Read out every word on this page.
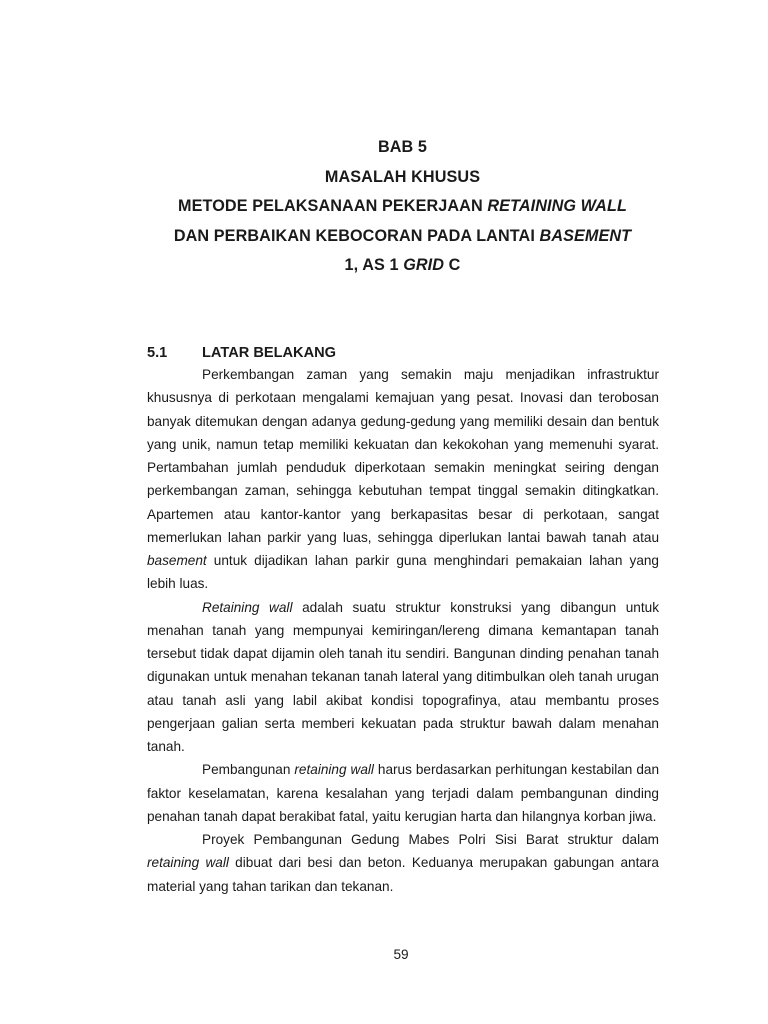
BAB 5
MASALAH KHUSUS
METODE PELAKSANAAN PEKERJAAN RETAINING WALL
DAN PERBAIKAN KEBOCORAN PADA LANTAI BASEMENT
1, AS 1 GRID C
5.1 LATAR BELAKANG

Perkembangan zaman yang semakin maju menjadikan infrastruktur khususnya di perkotaan mengalami kemajuan yang pesat. Inovasi dan terobosan banyak ditemukan dengan adanya gedung-gedung yang memiliki desain dan bentuk yang unik, namun tetap memiliki kekuatan dan kekokohan yang memenuhi syarat. Pertambahan jumlah penduduk diperkotaan semakin meningkat seiring dengan perkembangan zaman, sehingga kebutuhan tempat tinggal semakin ditingkatkan. Apartemen atau kantor-kantor yang berkapasitas besar di perkotaan, sangat memerlukan lahan parkir yang luas, sehingga diperlukan lantai bawah tanah atau basement untuk dijadikan lahan parkir guna menghindari pemakaian lahan yang lebih luas.

Retaining wall adalah suatu struktur konstruksi yang dibangun untuk menahan tanah yang mempunyai kemiringan/lereng dimana kemantapan tanah tersebut tidak dapat dijamin oleh tanah itu sendiri. Bangunan dinding penahan tanah digunakan untuk menahan tekanan tanah lateral yang ditimbulkan oleh tanah urugan atau tanah asli yang labil akibat kondisi topografinya, atau membantu proses pengerjaan galian serta memberi kekuatan pada struktur bawah dalam menahan tanah.

Pembangunan retaining wall harus berdasarkan perhitungan kestabilan dan faktor keselamatan, karena kesalahan yang terjadi dalam pembangunan dinding penahan tanah dapat berakibat fatal, yaitu kerugian harta dan hilangnya korban jiwa.

Proyek Pembangunan Gedung Mabes Polri Sisi Barat struktur dalam retaining wall dibuat dari besi dan beton. Keduanya merupakan gabungan antara material yang tahan tarikan dan tekanan.

59
